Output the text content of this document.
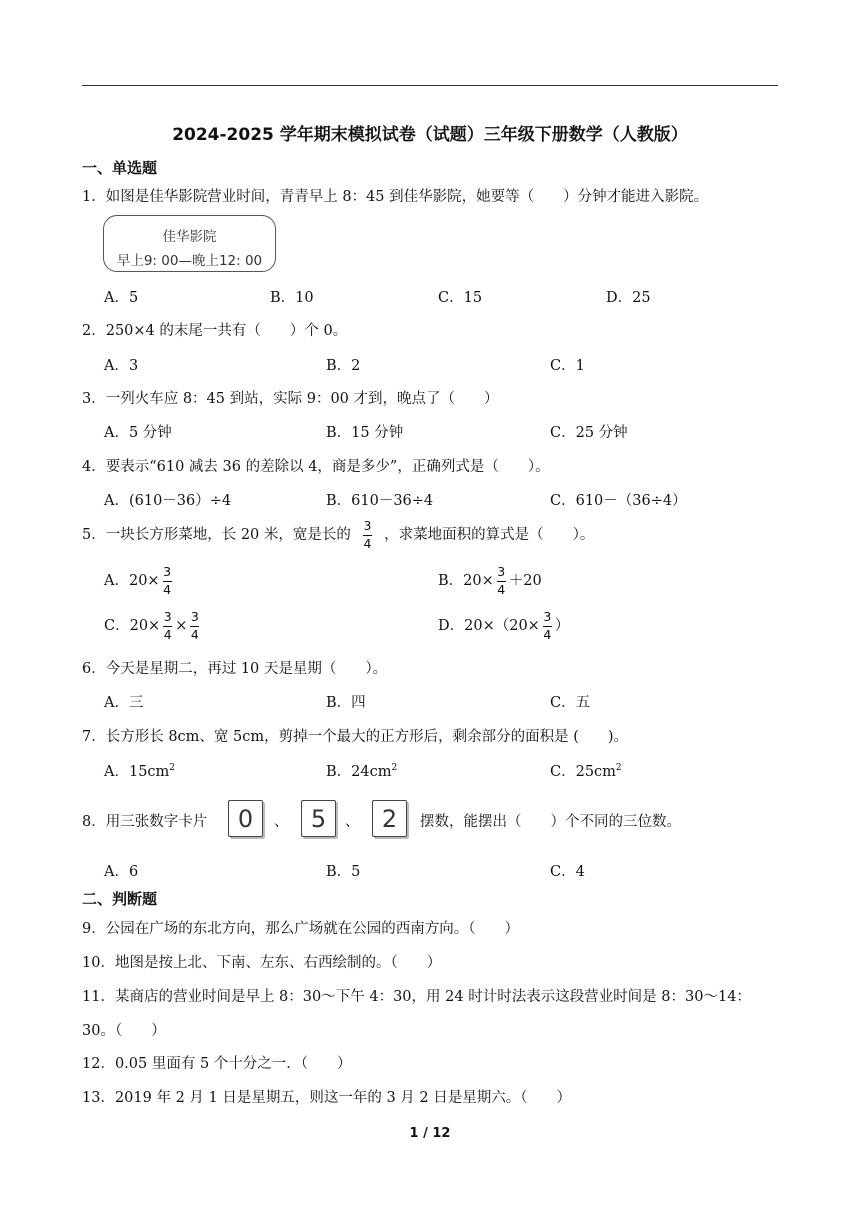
2024-2025 学年期末模拟试卷（试题）三年级下册数学（人教版）
一、单选题
1．如图是佳华影院营业时间，青青早上 8：45 到佳华影院，她要等（　　）分钟才能进入影院。
佳华影院
早上9: 00—晚上12: 00
A．5	B．10	C．15	D．25
2．250×4 的末尾一共有（　　）个 0。
A．3	B．2	C．1
3．一列火车应 8：45 到站，实际 9：00 才到，晚点了（　　）
A．5 分钟	B．15 分钟	C．25 分钟
4．要表示“610 减去 36 的差除以 4，商是多少”，正确列式是（　　）。
A．(610－36）÷4	B．610－36÷4	C．610－（36÷4）
5．一块长方形菜地，长 20 米，宽是长的 $\frac{3}{4}$ ，求菜地面积的算式是（　　）。
A．$20\times \frac{3}{4}$	B．$20\times \frac{3}{4} +20$
C．$20\times \frac{3}{4} \times \frac{3}{4}$	D．$20\times(20\times \frac{3}{4}$ ）
6．今天是星期二，再过 10 天是星期（　　）。
A．三	B．四	C．五
7．长方形长 8cm、宽 5cm，剪掉一个最大的正方形后，剩余部分的面积是 (　　)。
A．$15cm^2$	B．$24cm^2$	C．$25cm^2$
8．用三张数字卡片	0	、 5	、 2	摆数，能摆出（　　）个不同的三位数。
A．6	B．5	C．4
二、判断题
9．公园在广场的东北方向，那么广场就在公园的西南方向。（　　）
10．地图是按上北、下南、左东、右西绘制的。（　　）
11．某商店的营业时间是早上 8：30～下午 4：30，用 24 时计时法表示这段营业时间是 8：30～14：
30。（　　）
12．0.05 里面有 5 个十分之一．（　　）
13．2019 年 2 月 1 日是星期五，则这一年的 3 月 2 日是星期六。（　　）
1 / 12
